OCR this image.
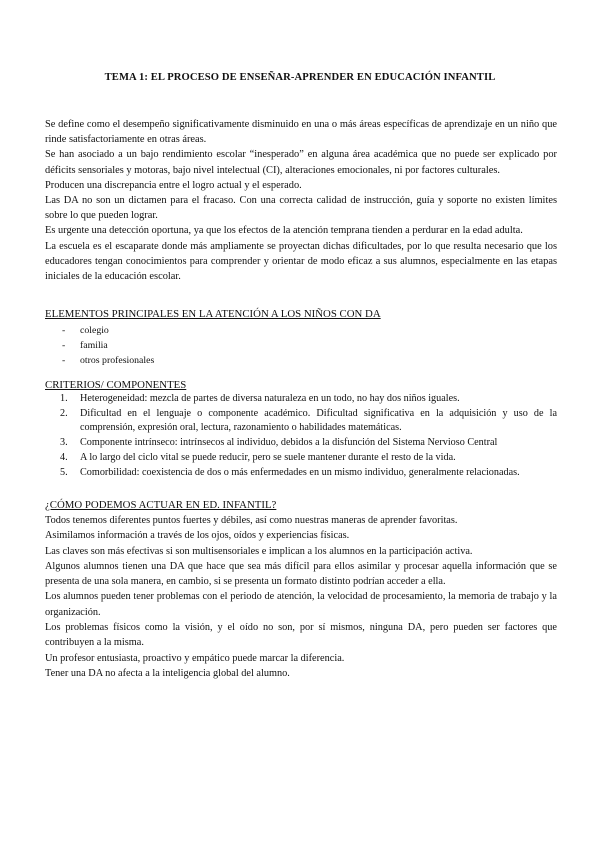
TEMA 1: EL PROCESO DE ENSEÑAR-APRENDER EN EDUCACIÓN INFANTIL

Se define como el desempeño significativamente disminuido en una o más áreas específicas de aprendizaje en un niño que rinde satisfactoriamente en otras áreas.

Se han asociado a un bajo rendimiento escolar “inesperado” en alguna área académica que no puede ser explicado por déficits sensoriales y motoras, bajo nivel intelectual (CI), alteraciones emocionales, ni por factores culturales.

Producen una discrepancia entre el logro actual y el esperado.

Las DA no son un dictamen para el fracaso. Con una correcta calidad de instrucción, guía y soporte no existen límites sobre lo que pueden lograr.

Es urgente una detección oportuna, ya que los efectos de la atención temprana tienden a perdurar en la edad adulta.

La escuela es el escaparate donde más ampliamente se proyectan dichas dificultades, por lo que resulta necesario que los educadores tengan conocimientos para comprender y orientar de modo eficaz a sus alumnos, especialmente en las etapas iniciales de la educación escolar.

ELEMENTOS PRINCIPALES EN LA ATENCIÓN A LOS NIÑOS CON DA

- colegio
- familia
- otros profesionales

CRITERIOS/ COMPONENTES

1. Heterogeneidad: mezcla de partes de diversa naturaleza en un todo, no hay dos niños iguales.
2. Dificultad en el lenguaje o componente académico. Dificultad significativa en la adquisición y uso de la comprensión, expresión oral, lectura, razonamiento o habilidades matemáticas.
3. Componente intrínseco: intrínsecos al individuo, debidos a la disfunción del Sistema Nervioso Central
4. A lo largo del ciclo vital se puede reducir, pero se suele mantener durante el resto de la vida.
5. Comorbilidad: coexistencia de dos o más enfermedades en un mismo individuo, generalmente relacionadas.

¿CÓMO PODEMOS ACTUAR EN ED. INFANTIL?

Todos tenemos diferentes puntos fuertes y débiles, así como nuestras maneras de aprender favoritas.

Asimilamos información a través de los ojos, oídos y experiencias físicas.

Las claves son más efectivas si son multisensoriales e implican a los alumnos en la participación activa.

Algunos alumnos tienen una DA que hace que sea más difícil para ellos asimilar y procesar aquella información que se presenta de una sola manera, en cambio, si se presenta un formato distinto podrían acceder a ella.

Los alumnos pueden tener problemas con el periodo de atención, la velocidad de procesamiento, la memoria de trabajo y la organización.

Los problemas físicos como la visión, y el oído no son, por sí mismos, ninguna DA, pero pueden ser factores que contribuyen a la misma.

Un profesor entusiasta, proactivo y empático puede marcar la diferencia.

Tener una DA no afecta a la inteligencia global del alumno.
